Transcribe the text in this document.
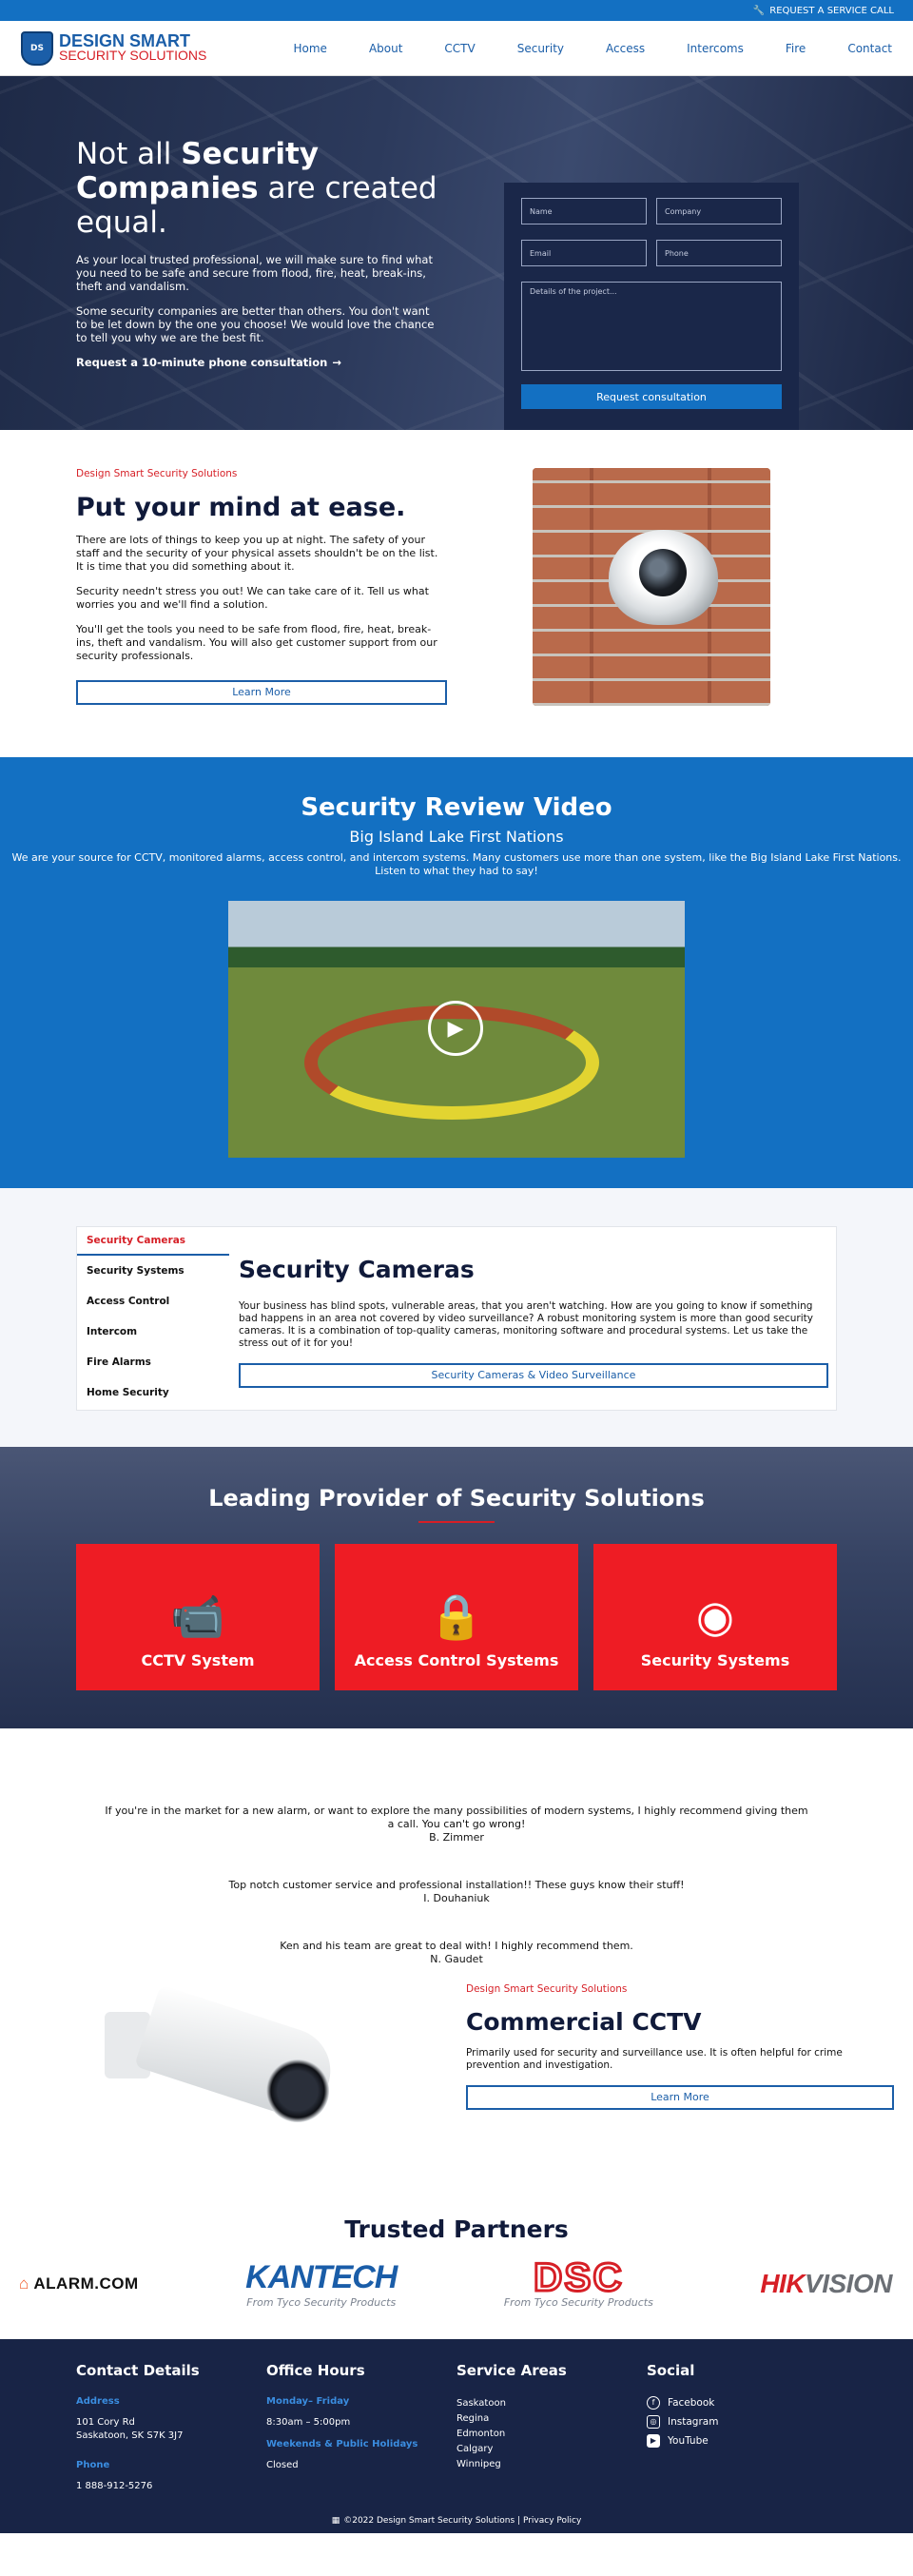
🔧 REQUEST A SERVICE CALL
DS DESIGN SMART
SECURITY SOLUTIONS	Home	About	CCTV	Security	Access	Intercoms	Fire	Contact
Not all Security Companies are created equal.

As your local trusted professional, we will make sure to find what you need to be safe and secure from flood, fire, heat, break-ins, theft and vandalism.

Some security companies are better than others. You don't want to be let down by the one you choose! We would love the chance to tell you why we are the best fit.

Request a 10-minute phone consultation →
Name
Company
Email
Phone
Details of the project... Request consultation
Design Smart Security Solutions
Put your mind at ease.

There are lots of things to keep you up at night. The safety of your staff and the security of your physical assets shouldn't be on the list. It is time that you did something about it.

Security needn't stress you out! We can take care of it. Tell us what worries you and we'll find a solution.

You'll get the tools you need to be safe from flood, fire, heat, break-ins, theft and vandalism. You will also get customer support from our security professionals.

Learn More
Security Review Video
Big Island Lake First Nations

We are your source for CCTV, monitored alarms, access control, and intercom systems. Many customers use more than one system, like the Big Island Lake First Nations. Listen to what they had to say!

▶
Security Cameras
Security Systems
Access Control
Intercom
Fire Alarms
Home Security
Security Cameras

Your business has blind spots, vulnerable areas, that you aren't watching. How are you going to know if something bad happens in an area not covered by video surveillance? A robust monitoring system is more than good security cameras. It is a combination of top-quality cameras, monitoring software and procedural systems. Let us take the stress out of it for you!

Security Cameras & Video Surveillance
Leading Provider of Security Solutions
📹
CCTV System
🔒
Access Control Systems
◉
Security Systems
If you're in the market for a new alarm, or want to explore the many possibilities of modern systems, I highly recommend giving them a call. You can't go wrong!
B. Zimmer
Top notch customer service and professional installation!! These guys know their stuff!
I. Douhaniuk
Ken and his team are great to deal with! I highly recommend them.
N. Gaudet
Design Smart Security Solutions
Commercial CCTV

Primarily used for security and surveillance use. It is often helpful for crime prevention and investigation.

Learn More
Trusted Partners
⌂ ALARM.COM	KANTECH
From Tyco Security Products
DSC
From Tyco Security Products
HIKVISION
Contact Details
Address
101 Cory Rd
Saskatoon, SK S7K 3J7
Phone
1 888-912-5276
Office Hours
Monday– Friday
8:30am – 5:00pm
Weekends & Public Holidays
Closed
Service Areas
Saskatoon
Regina
Edmonton
Calgary
Winnipeg
Social
f	Facebook
◎	Instagram
▶	YouTube
▦ ©2022 Design Smart Security Solutions | Privacy Policy
